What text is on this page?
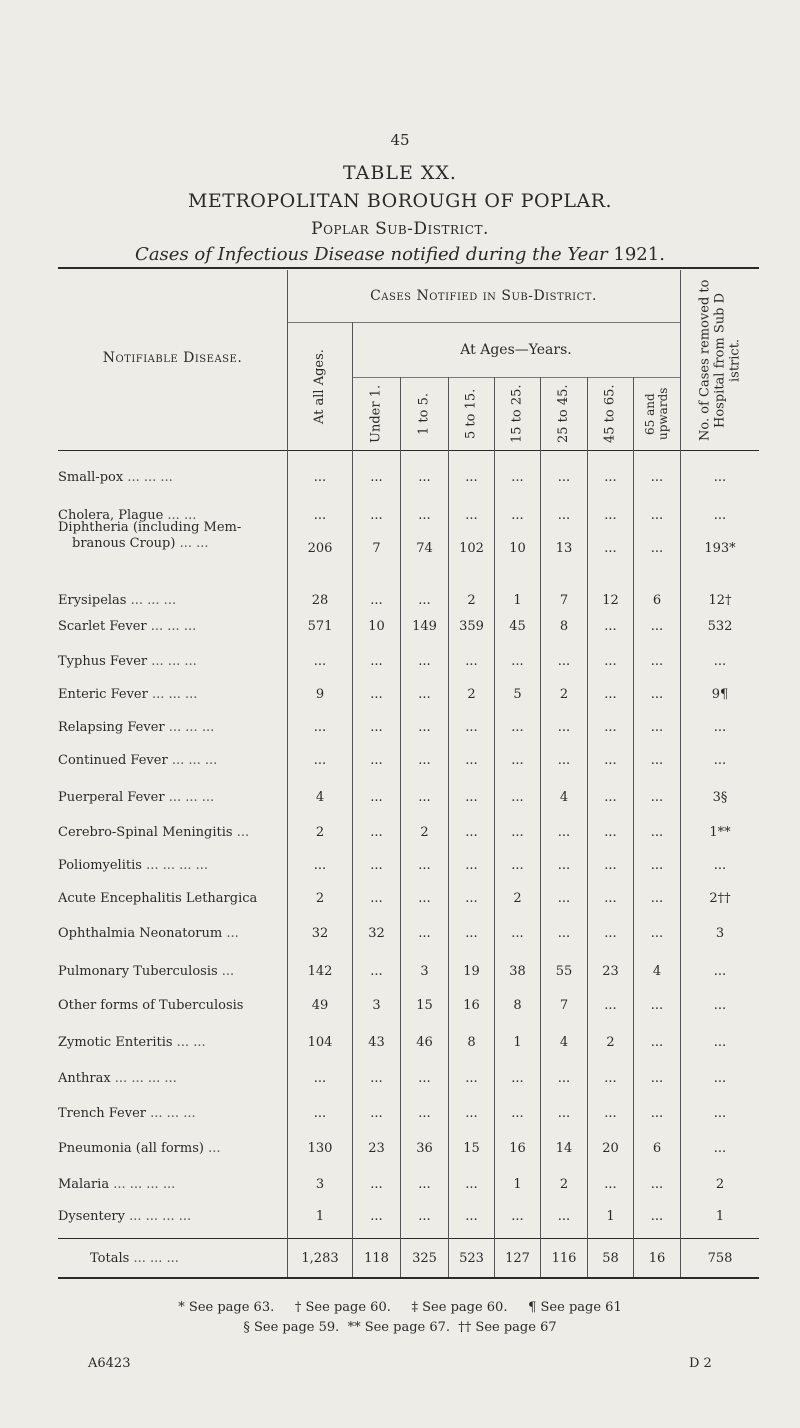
45
TABLE XX.
METROPOLITAN BOROUGH OF POPLAR.
Poplar Sub-District.
Cases of Infectious Disease notified during the Year 1921.
Notifiable Disease.
Cases Notified in Sub-District.
At all Ages.	At Ages—Years.
Under 1.	1 to 5.	5 to 15.	15 to 25.	25 to 45.	45 to 65.	65 and upwards	No. of Cases removed to Hospital from Sub D istrict.
Small-pox ... ... ...	...	...	...	...	...	...	...	...	...
Cholera, Plague ... ...	...	...	...	...	...	...	...	...	...
Diphtheria (including Mem-
branous Croup) ... ...	206	7	74	102	10	13	...	...	193*
Erysipelas ... ... ...	28	...	...	2	1	7	12	6	12†
Scarlet Fever ... ... ...	571	10	149	359	45	8	...	...	532
Typhus Fever ... ... ...	...	...	...	...	...	...	...	...	...
Enteric Fever ... ... ...	9	...	...	2	5	2	...	...	9¶
Relapsing Fever ... ... ...	...	...	...	...	...	...	...	...	...
Continued Fever ... ... ...	...	...	...	...	...	...	...	...	...
Puerperal Fever ... ... ...	4	...	...	...	...	4	...	...	3§
Cerebro-Spinal Meningitis ...	2	...	2	...	...	...	...	...	1**
Poliomyelitis ... ... ... ...	...	...	...	...	...	...	...	...	...
Acute Encephalitis Lethargica	2	...	...	...	2	...	...	...	2††
Ophthalmia Neonatorum ...	32	32	...	...	...	...	...	...	3
Pulmonary Tuberculosis ...	142	...	3	19	38	55	23	4	...
Other forms of Tuberculosis	49	3	15	16	8	7	...	...	...
Zymotic Enteritis ... ...	104	43	46	8	1	4	2	...	...
Anthrax ... ... ... ...	...	...	...	...	...	...	...	...	...
Trench Fever ... ... ...	...	...	...	...	...	...	...	...	...
Pneumonia (all forms) ...	130	23	36	15	16	14	20	6	...
Malaria ... ... ... ...	3	...	...	...	1	2	...	...	2
Dysentery ... ... ... ...	1	...	...	...	...	...	1	...	1
Totals ... ... ...	1,283	118	325	523	127	116	58	16	758
* See page 63.     † See page 60.     ‡ See page 60.     ¶ See page 61
§ See page 59.  ** See page 67.  †† See page 67
A6423	D 2
